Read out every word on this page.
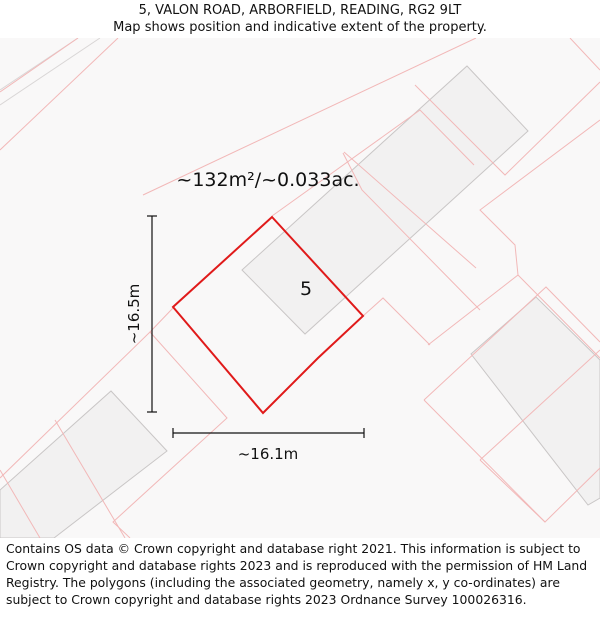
5, VALON ROAD, ARBORFIELD, READING, RG2 9LT
Map shows position and indicative extent of the property.
~132m²/~0.033ac.
5
~16.5m
~16.1m
Contains OS data © Crown copyright and database right 2021. This information is subject to Crown copyright and database rights 2023 and is reproduced with the permission of HM Land Registry. The polygons (including the associated geometry, namely x, y co-ordinates) are subject to Crown copyright and database rights 2023 Ordnance Survey 100026316.
